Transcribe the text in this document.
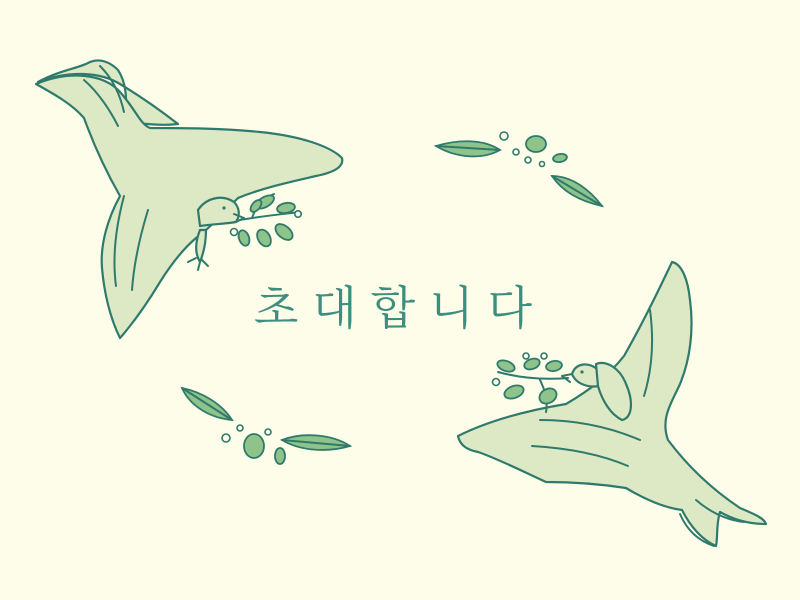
초대합니다
